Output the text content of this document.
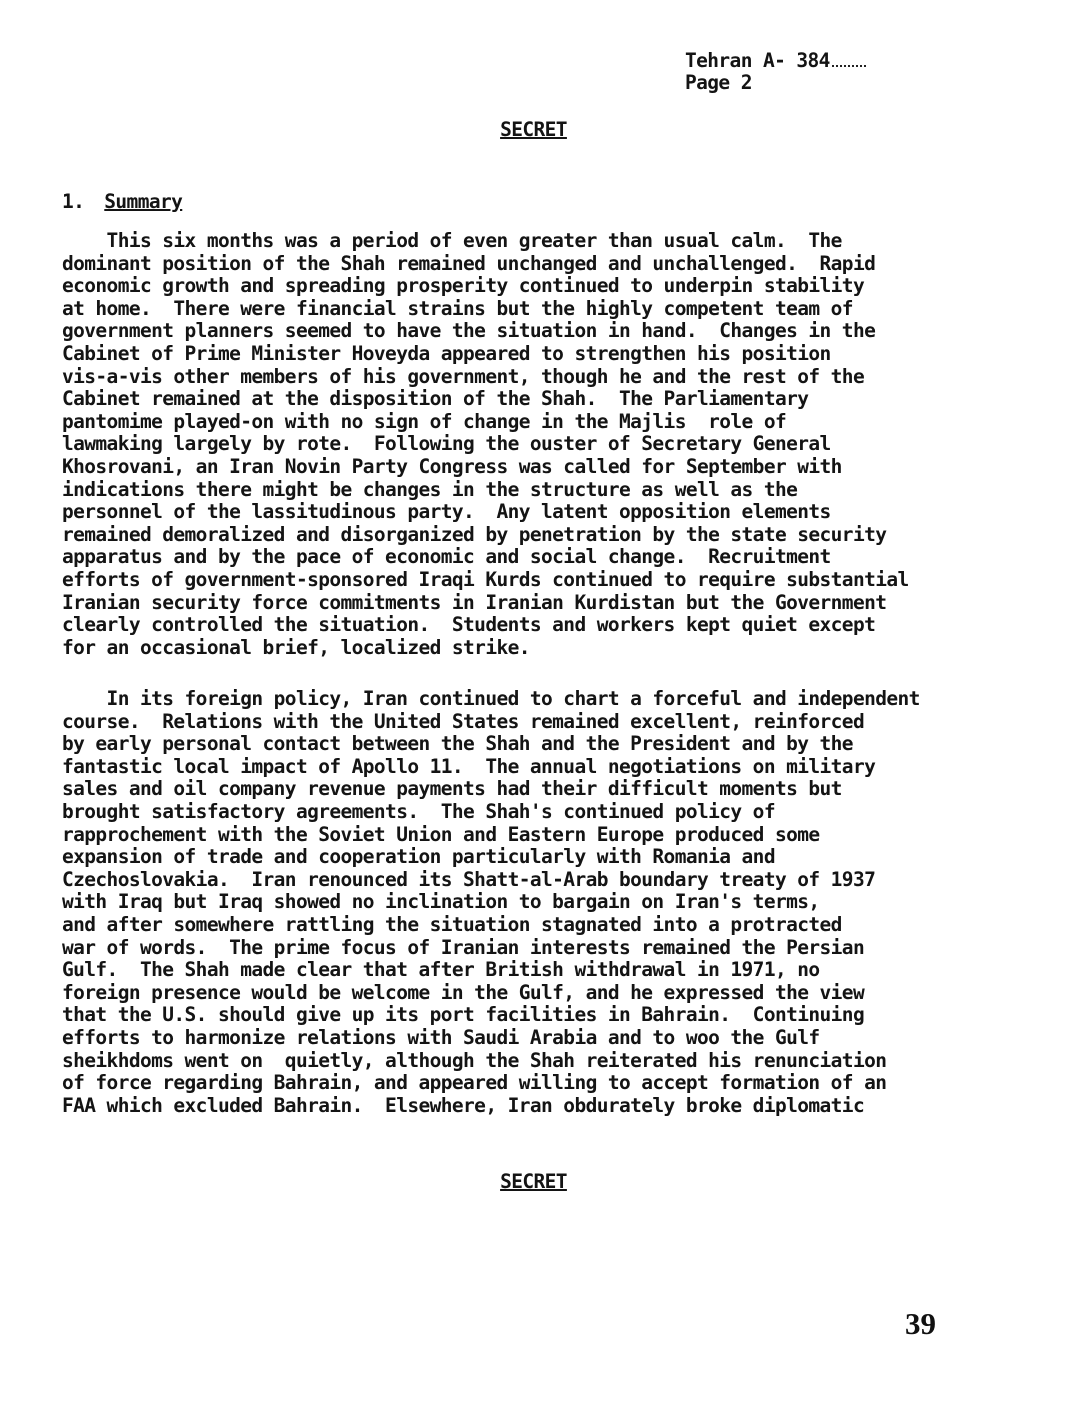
Tehran A- 384
Page 2
SECRET
1. Summary
This six months was a period of even greater than usual calm.  The
dominant position of the Shah remained unchanged and unchallenged.  Rapid
economic growth and spreading prosperity continued to underpin stability
at home.  There were financial strains but the highly competent team of
government planners seemed to have the situation in hand.  Changes in the
Cabinet of Prime Minister Hoveyda appeared to strengthen his position
vis-a-vis other members of his government, though he and the rest of the
Cabinet remained at the disposition of the Shah.  The Parliamentary
pantomime played-on with no sign of change in the Majlis  role of
lawmaking largely by rote.  Following the ouster of Secretary General
Khosrovani, an Iran Novin Party Congress was called for September with
indications there might be changes in the structure as well as the
personnel of the lassitudinous party.  Any latent opposition elements
remained demoralized and disorganized by penetration by the state security
apparatus and by the pace of economic and social change.  Recruitment
efforts of government-sponsored Iraqi Kurds continued to require substantial
Iranian security force commitments in Iranian Kurdistan but the Government
clearly controlled the situation.  Students and workers kept quiet except
for an occasional brief, localized strike.
In its foreign policy, Iran continued to chart a forceful and independent
course.  Relations with the United States remained excellent, reinforced
by early personal contact between the Shah and the President and by the
fantastic local impact of Apollo 11.  The annual negotiations on military
sales and oil company revenue payments had their difficult moments but
brought satisfactory agreements.  The Shah's continued policy of
rapprochement with the Soviet Union and Eastern Europe produced some
expansion of trade and cooperation particularly with Romania and
Czechoslovakia.  Iran renounced its Shatt-al-Arab boundary treaty of 1937
with Iraq but Iraq showed no inclination to bargain on Iran's terms,
and after somewhere rattling the situation stagnated into a protracted
war of words.  The prime focus of Iranian interests remained the Persian
Gulf.  The Shah made clear that after British withdrawal in 1971, no
foreign presence would be welcome in the Gulf, and he expressed the view
that the U.S. should give up its port facilities in Bahrain.  Continuing
efforts to harmonize relations with Saudi Arabia and to woo the Gulf
sheikhdoms went on  quietly, although the Shah reiterated his renunciation
of force regarding Bahrain, and appeared willing to accept formation of an
FAA which excluded Bahrain.  Elsewhere, Iran obdurately broke diplomatic
SECRET
39
